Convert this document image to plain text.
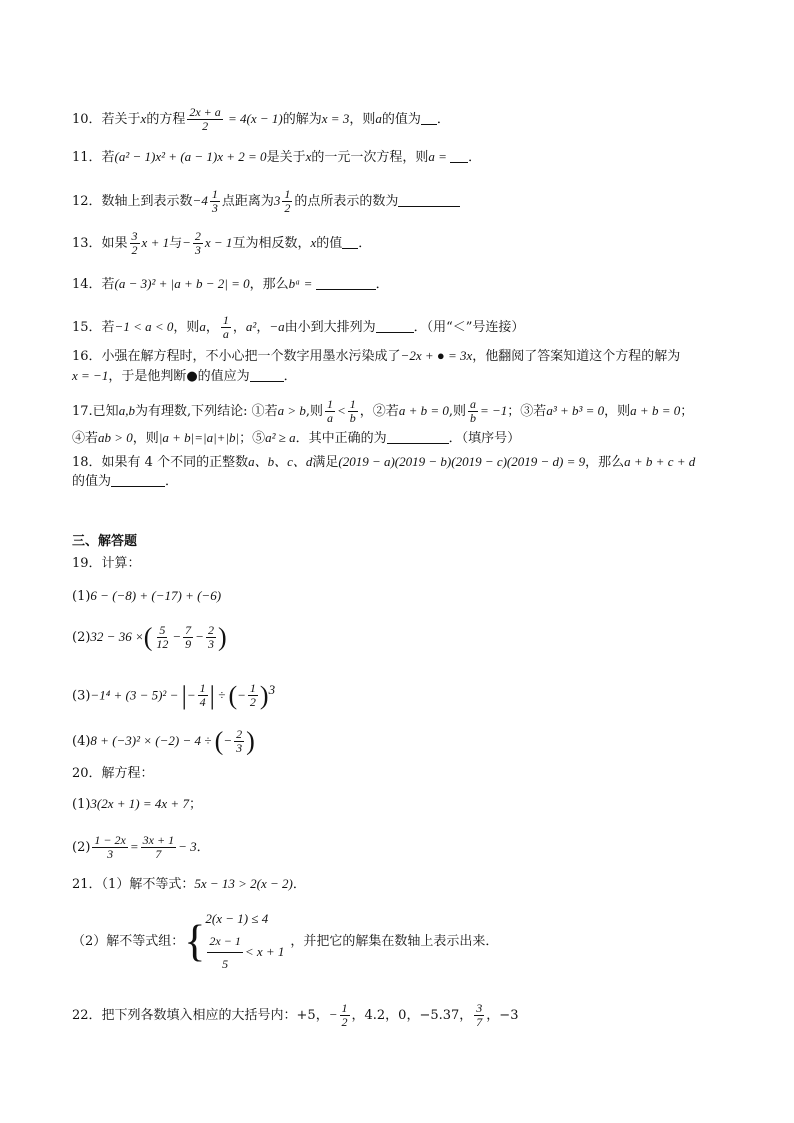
10．若关于x的方程 $\frac{2x + a}{2} = 4(x - 1)$的解为x = 3，则a的值为 ．
11．若(a² − 1)x² + (a − 1)x + 2 = 0是关于x的一元一次方程，则a = ．
12．数轴上到表示数$-4 \frac{1}{3}$ 点距离为$3 \frac{1}{2}$ 的点所表示的数为
13．如果 $\frac{3}{2}$ x + 1与− $\frac{2}{3}$ x − 1互为相反数，x的值 ．
14．若(a − 3)² + |a + b − 2| = 0，那么bᵃ =	．
15．若−1 < a < 0，则a， $\frac{1}{a}$ ，a²，−a由小到大排列为	．（用“＜”号连接）
16．小强在解方程时，不小心把一个数字用墨水污染成了−2x + ● = 3x，他翻阅了答案知道这个方程的解为
x = −1，于是他判断●的值应为	．
17.已知a,b为有理数,下列结论: ①若a > b,则 $\frac{1}{a} < \frac{1}{b}$ ，②若a + b = 0,则 $\frac{a}{b} = -1$；③若a³ + b³ = 0，则a + b = 0；
④若ab > 0，则|a + b|=|a|+|b|；⑤a² ≥ a．其中正确的为	．（填序号）
18．如果有 4 个不同的正整数a、b、c、d满足(2019 − a)(2019 − b)(2019 − c)(2019 − d) = 9，那么a + b + c + d
的值为	．
三、解答题
19．计算：
(1)6 − (−8) + (−17) + (−6)
(2)32 − 36 ×( $\frac{5}{12} - \frac{7}{9} - \frac{2}{3}$ )
(3)−1⁴ + (3 − 5)² − |− $\frac{1}{4}$ | ÷ (− $\frac{1}{2} )^3$
(4)8 + (−3)² × (−2) − 4 ÷ (− $\frac{2}{3}$ )
20．解方程：
(1)3(2x + 1) = 4x + 7；
$(2) \frac{1 - 2x}{3} = \frac{3x + 1}{7} - 3$．
21．（1）解不等式：5x − 13 > 2(x − 2)．
（2）解不等式组：{ 2(x − 1) ≤ 4
$\frac{2x - 1}{5} < x + 1$
，并把它的解集在数轴上表示出来．
22．把下列各数填入相应的大括号内：+5，− $\frac{1}{2}$ ，4.2，0，−5.37， $\frac{3}{7}$ ，−3
